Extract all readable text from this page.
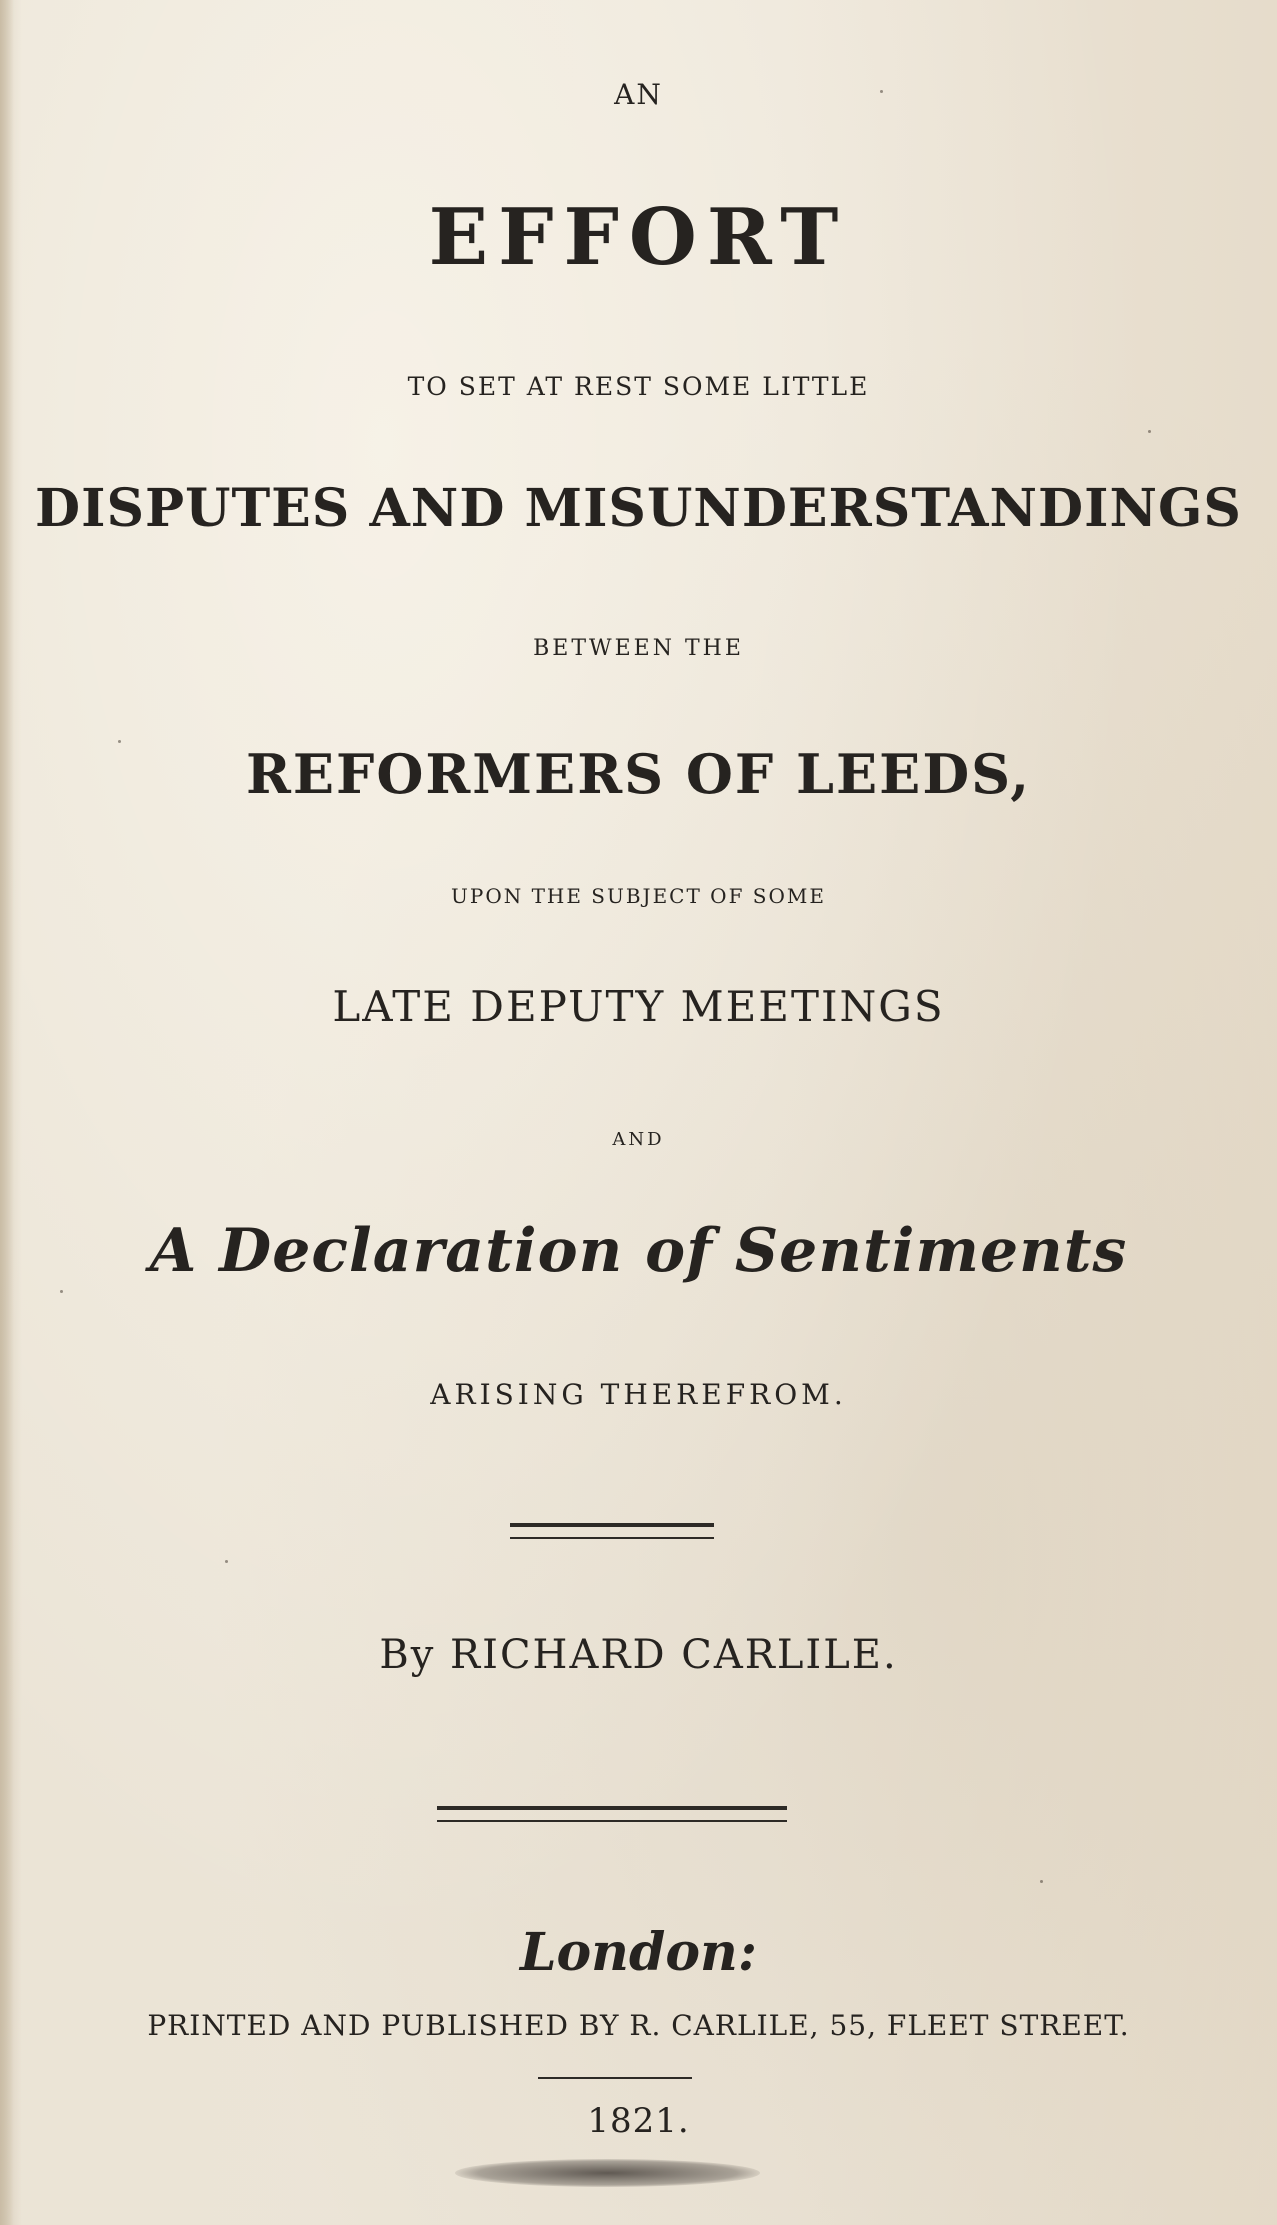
AN

EFFORT

TO SET AT REST SOME LITTLE

DISPUTES AND MISUNDERSTANDINGS

BETWEEN THE

REFORMERS OF LEEDS,

UPON THE SUBJECT OF SOME

LATE DEPUTY MEETINGS

AND

A Declaration of Sentiments

ARISING THEREFROM.

By RICHARD CARLILE.

London:

PRINTED AND PUBLISHED BY R. CARLILE, 55, FLEET STREET.

1821.
